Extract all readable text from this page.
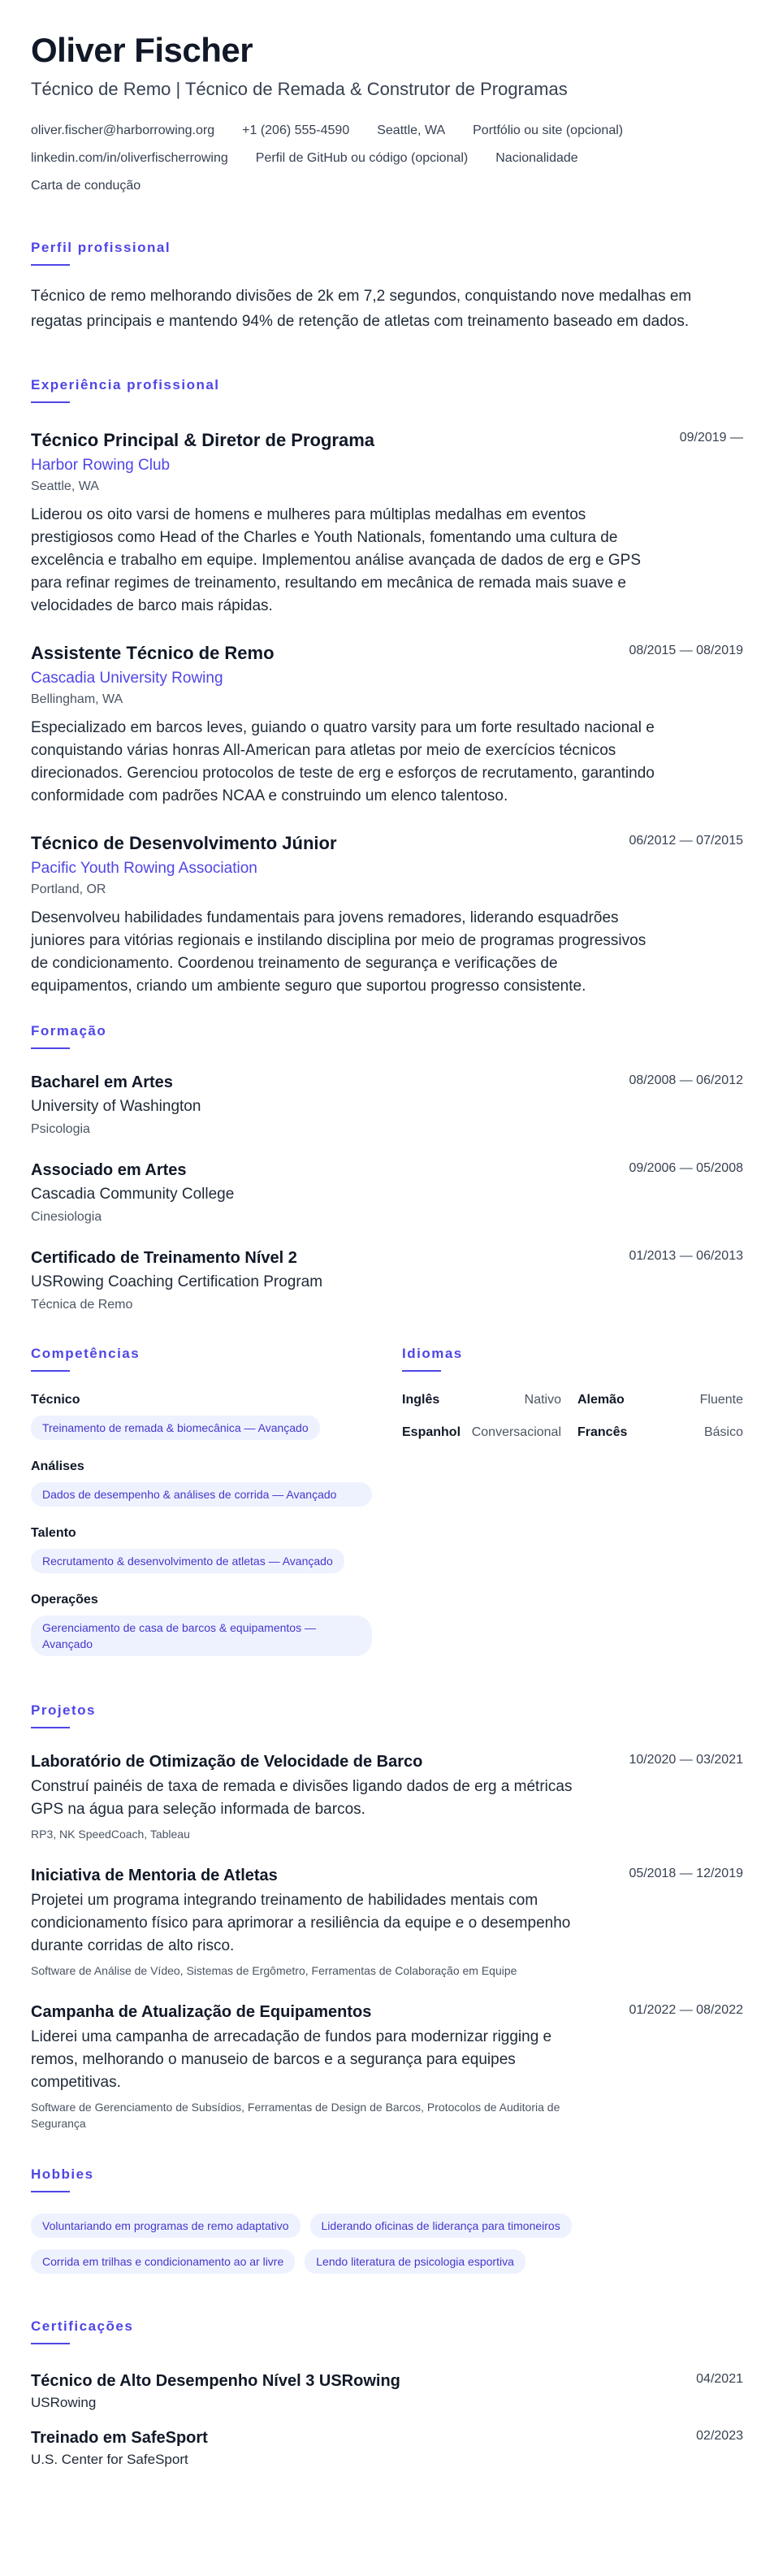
Oliver Fischer
Técnico de Remo | Técnico de Remada & Construtor de Programas
oliver.fischer@harborrowing.org +1 (206) 555-4590 Seattle, WA Portfólio ou site (opcional)
linkedin.com/in/oliverfischerrowing Perfil de GitHub ou código (opcional) Nacionalidade
Carta de condução
Perfil profissional
Técnico de remo melhorando divisões de 2k em 7,2 segundos, conquistando nove medalhas em regatas principais e mantendo 94% de retenção de atletas com treinamento baseado em dados.
Experiência profissional
Técnico Principal & Diretor de Programa	09/2019 —
Harbor Rowing Club
Seattle, WA
Liderou os oito varsi de homens e mulheres para múltiplas medalhas em eventos prestigiosos como Head of the Charles e Youth Nationals, fomentando uma cultura de excelência e trabalho em equipe. Implementou análise avançada de dados de erg e GPS para refinar regimes de treinamento, resultando em mecânica de remada mais suave e velocidades de barco mais rápidas.
Assistente Técnico de Remo	08/2015 — 08/2019
Cascadia University Rowing
Bellingham, WA
Especializado em barcos leves, guiando o quatro varsity para um forte resultado nacional e conquistando várias honras All-American para atletas por meio de exercícios técnicos direcionados. Gerenciou protocolos de teste de erg e esforços de recrutamento, garantindo conformidade com padrões NCAA e construindo um elenco talentoso.
Técnico de Desenvolvimento Júnior	06/2012 — 07/2015
Pacific Youth Rowing Association
Portland, OR
Desenvolveu habilidades fundamentais para jovens remadores, liderando esquadrões juniores para vitórias regionais e instilando disciplina por meio de programas progressivos de condicionamento. Coordenou treinamento de segurança e verificações de equipamentos, criando um ambiente seguro que suportou progresso consistente.
Formação
Bacharel em Artes	08/2008 — 06/2012
University of Washington
Psicologia
Associado em Artes	09/2006 — 05/2008
Cascadia Community College
Cinesiologia
Certificado de Treinamento Nível 2	01/2013 — 06/2013
USRowing Coaching Certification Program
Técnica de Remo
Competências
Técnico
Treinamento de remada & biomecânica — Avançado
Análises
Dados de desempenho & análises de corrida — Avançado
Talento
Recrutamento & desenvolvimento de atletas — Avançado
Operações
Gerenciamento de casa de barcos & equipamentos — Avançado
Idiomas
Inglês	Nativo Alemão	Fluente
Espanhol Conversacional Francês	Básico
Projetos
Laboratório de Otimização de Velocidade de Barco	10/2020 — 03/2021
Construí painéis de taxa de remada e divisões ligando dados de erg a métricas GPS na água para seleção informada de barcos.
RP3, NK SpeedCoach, Tableau
Iniciativa de Mentoria de Atletas	05/2018 — 12/2019
Projetei um programa integrando treinamento de habilidades mentais com condicionamento físico para aprimorar a resiliência da equipe e o desempenho durante corridas de alto risco.
Software de Análise de Vídeo, Sistemas de Ergômetro, Ferramentas de Colaboração em Equipe
Campanha de Atualização de Equipamentos	01/2022 — 08/2022
Liderei uma campanha de arrecadação de fundos para modernizar rigging e remos, melhorando o manuseio de barcos e a segurança para equipes competitivas.
Software de Gerenciamento de Subsídios, Ferramentas de Design de Barcos, Protocolos de Auditoria de Segurança
Hobbies
Voluntariando em programas de remo adaptativo	Liderando oficinas de liderança para timoneiros
Corrida em trilhas e condicionamento ao ar livre	Lendo literatura de psicologia esportiva
Certificações
Técnico de Alto Desempenho Nível 3 USRowing	04/2021
USRowing
Treinado em SafeSport	02/2023
U.S. Center for SafeSport
